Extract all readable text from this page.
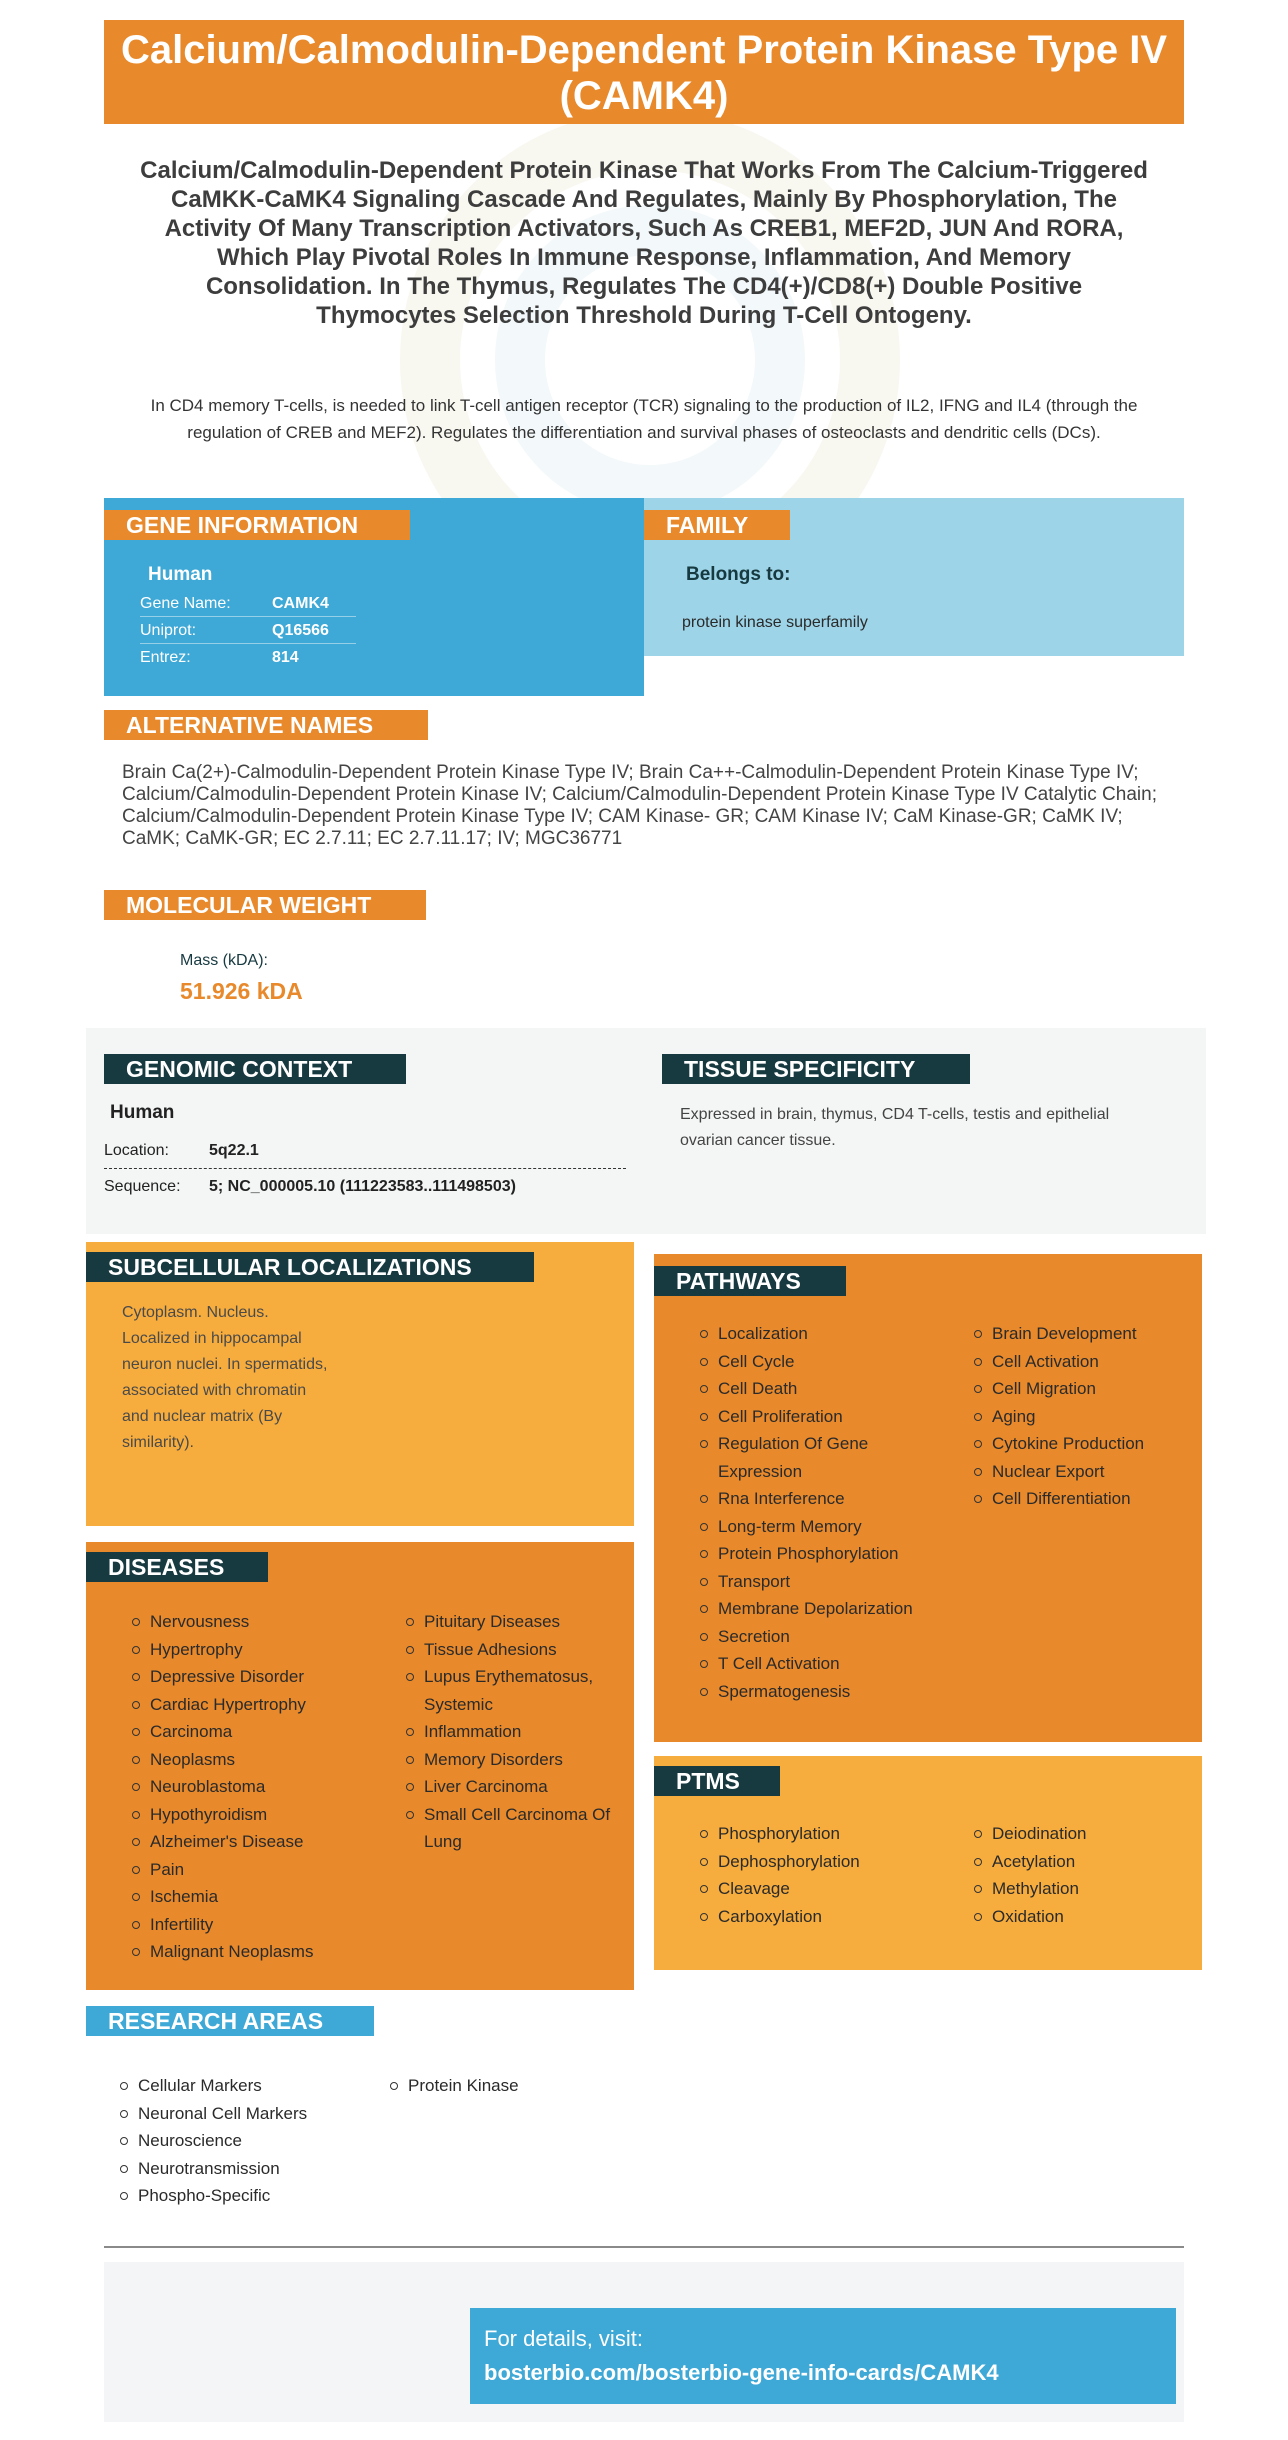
Calcium/Calmodulin-Dependent Protein Kinase Type IV (CAMK4)
Calcium/Calmodulin-Dependent Protein Kinase That Works From The Calcium-Triggered CaMKK-CaMK4 Signaling Cascade And Regulates, Mainly By Phosphorylation, The Activity Of Many Transcription Activators, Such As CREB1, MEF2D, JUN And RORA, Which Play Pivotal Roles In Immune Response, Inflammation, And Memory Consolidation. In The Thymus, Regulates The CD4(+)/CD8(+) Double Positive Thymocytes Selection Threshold During T-Cell Ontogeny.
In CD4 memory T-cells, is needed to link T-cell antigen receptor (TCR) signaling to the production of IL2, IFNG and IL4 (through the regulation of CREB and MEF2). Regulates the differentiation and survival phases of osteoclasts and dendritic cells (DCs).
GENE INFORMATION
Human
Gene Name:	CAMK4
Uniprot:	Q16566
Entrez:	814
FAMILY
Belongs to:
protein kinase superfamily
ALTERNATIVE NAMES
Brain Ca(2+)-Calmodulin-Dependent Protein Kinase Type IV; Brain Ca++-Calmodulin-Dependent Protein Kinase Type IV; Calcium/Calmodulin-Dependent Protein Kinase IV; Calcium/Calmodulin-Dependent Protein Kinase Type IV Catalytic Chain; Calcium/Calmodulin-Dependent Protein Kinase Type IV; CAM Kinase- GR; CAM Kinase IV; CaM Kinase-GR; CaMK IV; CaMK; CaMK-GR; EC 2.7.11; EC 2.7.11.17; IV; MGC36771
MOLECULAR WEIGHT
Mass (kDA):
51.926 kDA
GENOMIC CONTEXT
Human
Location:	5q22.1
Sequence:	5; NC_000005.10 (111223583..111498503)
TISSUE SPECIFICITY
Expressed in brain, thymus, CD4 T-cells, testis and epithelial ovarian cancer tissue.
SUBCELLULAR LOCALIZATIONS
Cytoplasm. Nucleus. Localized in hippocampal neuron nuclei. In spermatids, associated with chromatin and nuclear matrix (By similarity).
DISEASES
Nervousness
Hypertrophy
Depressive Disorder
Cardiac Hypertrophy
Carcinoma
Neoplasms
Neuroblastoma
Hypothyroidism
Alzheimer's Disease
Pain
Ischemia
Infertility
Malignant Neoplasms
Pituitary Diseases
Tissue Adhesions
Lupus Erythematosus, Systemic
Inflammation
Memory Disorders
Liver Carcinoma
Small Cell Carcinoma Of Lung
PATHWAYS
Localization
Cell Cycle
Cell Death
Cell Proliferation
Regulation Of Gene Expression
Rna Interference
Long-term Memory
Protein Phosphorylation
Transport
Membrane Depolarization
Secretion
T Cell Activation
Spermatogenesis
Brain Development
Cell Activation
Cell Migration
Aging
Cytokine Production
Nuclear Export
Cell Differentiation
PTMS
Phosphorylation
Dephosphorylation
Cleavage
Carboxylation
Deiodination
Acetylation
Methylation
Oxidation
RESEARCH AREAS
Cellular Markers
Neuronal Cell Markers
Neuroscience
Neurotransmission
Phospho-Specific
Protein Kinase
For details, visit:
bosterbio.com/bosterbio-gene-info-cards/CAMK4
